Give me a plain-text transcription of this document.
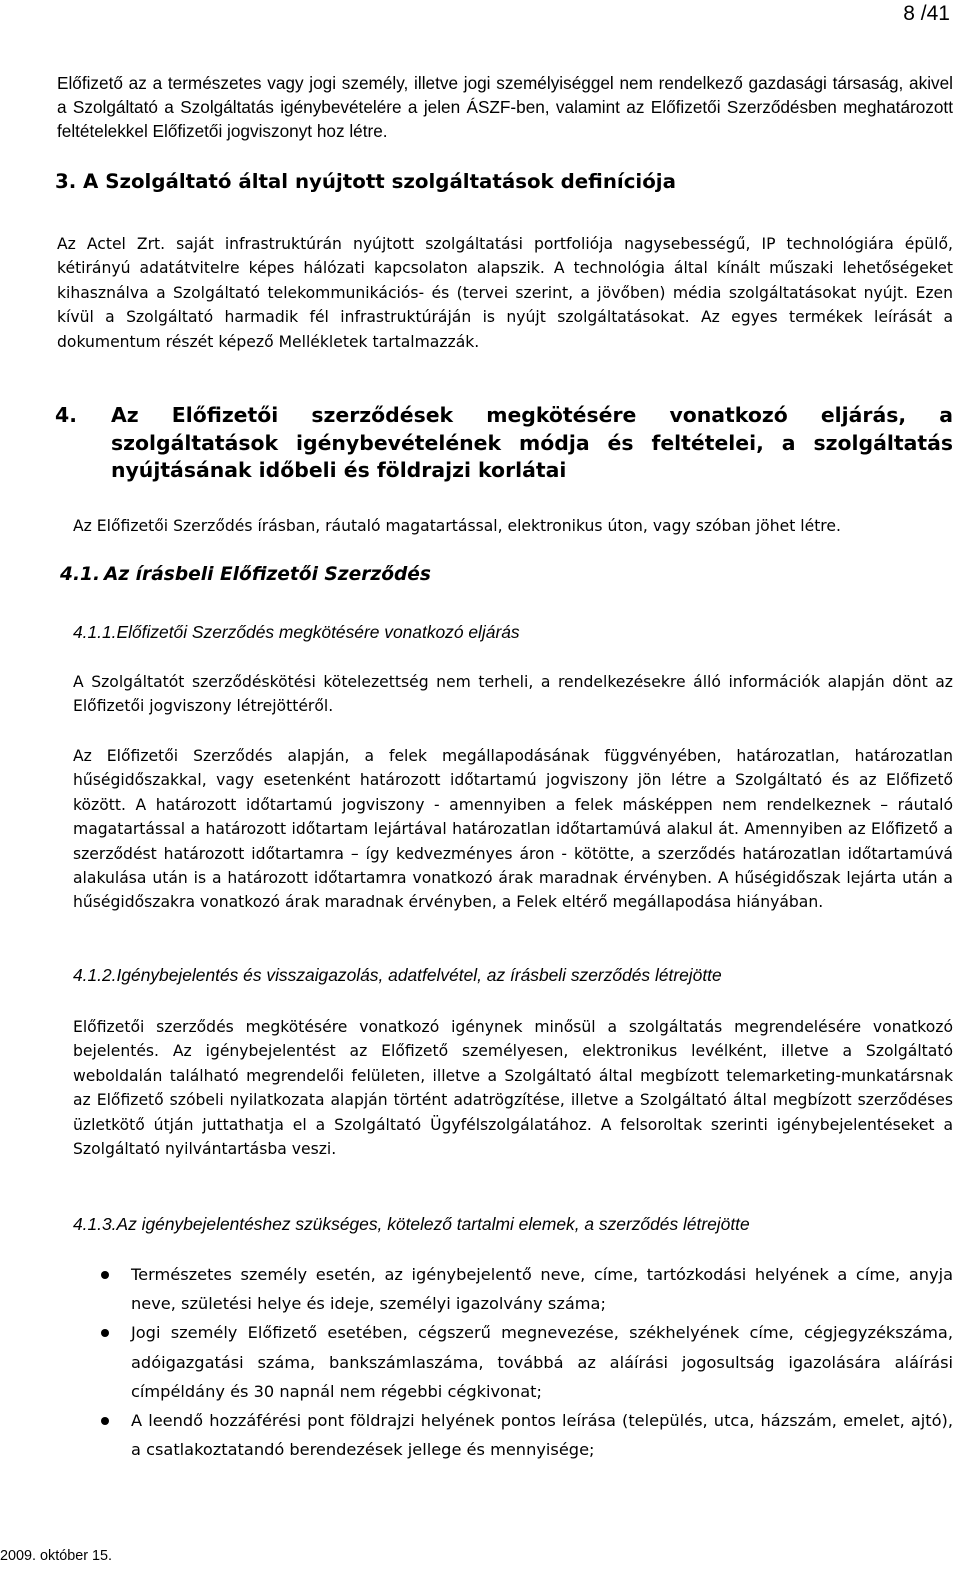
8 /41

Előfizető az a természetes vagy jogi személy, illetve jogi személyiséggel nem rendelkező gazdasági társaság, akivel a Szolgáltató a Szolgáltatás igénybevételére a jelen ÁSZF-ben, valamint az Előfizetői Szerződésben meghatározott feltételekkel Előfizetői jogviszonyt hoz létre.

3. A Szolgáltató által nyújtott szolgáltatások definíciója

Az Actel Zrt. saját infrastruktúrán nyújtott szolgáltatási portfoliója nagysebességű, IP technológiára épülő, kétirányú adatátvitelre képes hálózati kapcsolaton alapszik. A technológia által kínált műszaki lehetőségeket kihasználva a Szolgáltató telekommunikációs- és (tervei szerint, a jövőben) média szolgáltatásokat nyújt. Ezen kívül a Szolgáltató harmadik fél infrastruktúráján is nyújt szolgáltatásokat. Az egyes termékek leírását a dokumentum részét képező Mellékletek tartalmazzák.

4.	Az Előfizetői szerződések megkötésére vonatkozó eljárás, a szolgáltatások igénybevételének módja és feltételei, a szolgáltatás nyújtásának időbeli és földrajzi korlátai

Az Előfizetői Szerződés írásban, ráutaló magatartással, elektronikus úton, vagy szóban jöhet létre.

4.1. Az írásbeli Előfizetői Szerződés
4.1.1.Előfizetői Szerződés megkötésére vonatkozó eljárás

A Szolgáltatót szerződéskötési kötelezettség nem terheli, a rendelkezésekre álló információk alapján dönt az Előfizetői jogviszony létrejöttéről.

Az Előfizetői Szerződés alapján, a felek megállapodásának függvényében, határozatlan, határozatlan hűségidőszakkal, vagy esetenként határozott időtartamú jogviszony jön létre a Szolgáltató és az Előfizető között. A határozott időtartamú jogviszony - amennyiben a felek másképpen nem rendelkeznek – ráutaló magatartással a határozott időtartam lejártával határozatlan időtartamúvá alakul át. Amennyiben az Előfizető a szerződést határozott időtartamra – így kedvezményes áron - kötötte, a szerződés határozatlan időtartamúvá alakulása után is a határozott időtartamra vonatkozó árak maradnak érvényben. A hűségidőszak lejárta után a hűségidőszakra vonatkozó árak maradnak érvényben, a Felek eltérő megállapodása hiányában.

4.1.2.Igénybejelentés és visszaigazolás, adatfelvétel, az írásbeli szerződés létrejötte

Előfizetői szerződés megkötésére vonatkozó igénynek minősül a szolgáltatás megrendelésére vonatkozó bejelentés. Az igénybejelentést az Előfizető személyesen, elektronikus levélként, illetve a Szolgáltató weboldalán található megrendelői felületen, illetve a Szolgáltató által megbízott telemarketing-munkatársnak az Előfizető szóbeli nyilatkozata alapján történt adatrögzítése, illetve a Szolgáltató által megbízott szerződéses üzletkötő útján juttathatja el a Szolgáltató Ügyfélszolgálatához. A felsoroltak szerinti igénybejelentéseket a Szolgáltató nyilvántartásba veszi.

4.1.3.Az igénybejelentéshez szükséges, kötelező tartalmi elemek, a szerződés létrejötte
Természetes személy esetén, az igénybejelentő neve, címe, tartózkodási helyének a címe, anyja neve, születési helye és ideje, személyi igazolvány száma;
Jogi személy Előfizető esetében, cégszerű megnevezése, székhelyének címe, cégjegyzékszáma, adóigazgatási száma, bankszámlaszáma, továbbá az aláírási jogosultság igazolására aláírási címpéldány és 30 napnál nem régebbi cégkivonat;
A leendő hozzáférési pont földrajzi helyének pontos leírása (település, utca, házszám, emelet, ajtó), a csatlakoztatandó berendezések jellege és mennyisége;
2009. október 15.
